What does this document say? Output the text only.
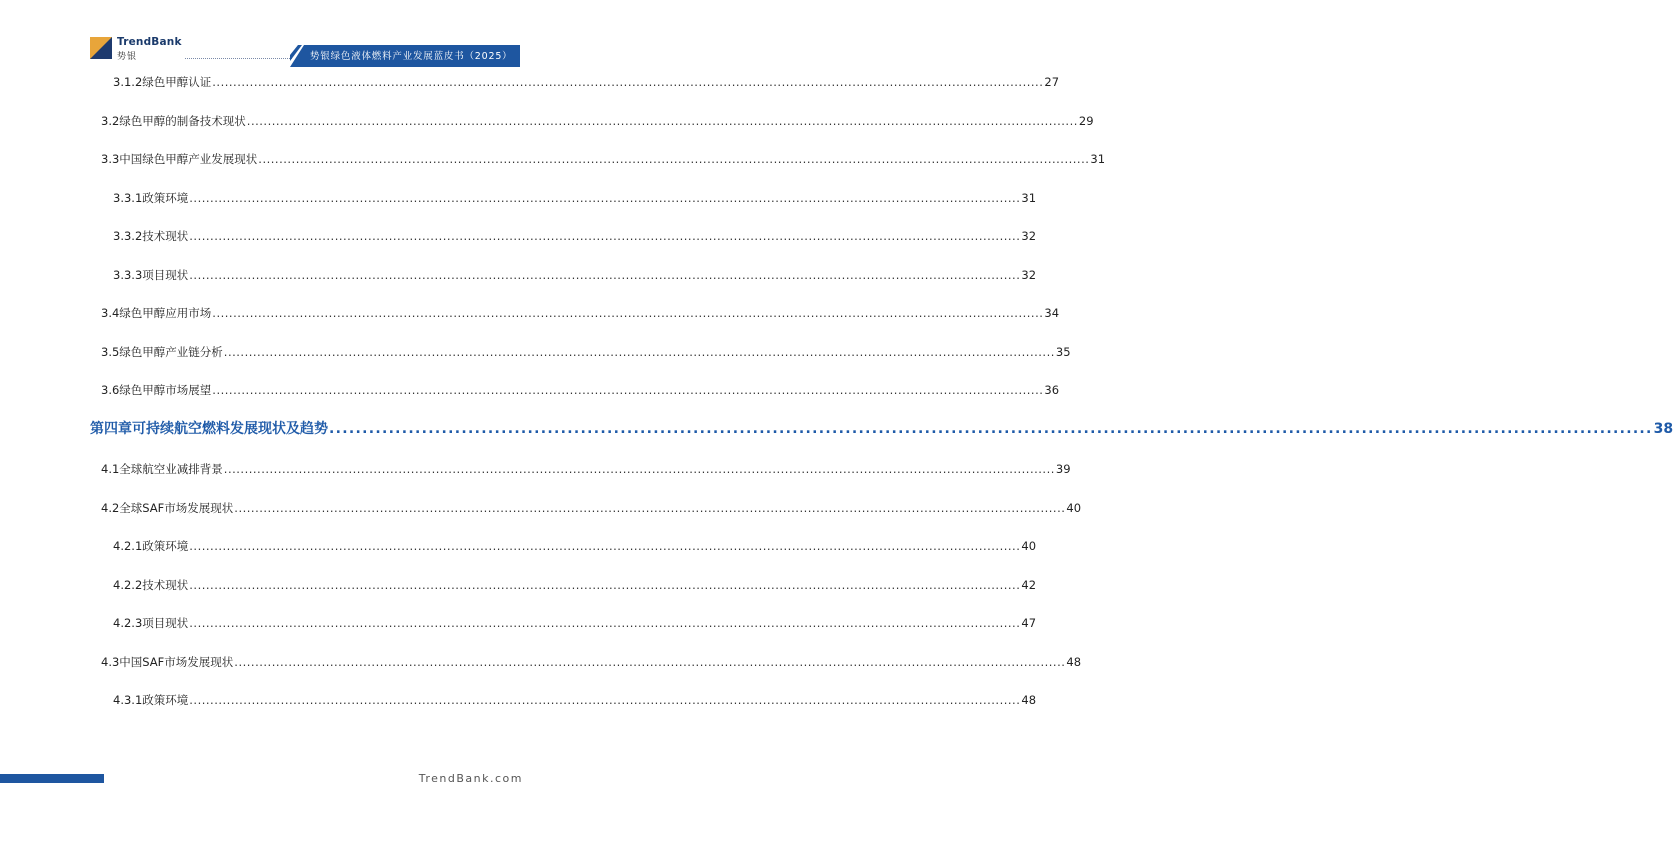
TrendBank
势银	势银绿色液体燃料产业发展蓝皮书（2025）
3.1.2 绿色甲醇认证 ........................................................................................................................................................................................................ 27
3.2 绿色甲醇的制备技术现状 ........................................................................................................................................................................................................ 29
3.3 中国绿色甲醇产业发展现状 ........................................................................................................................................................................................................ 31
3.3.1 政策环境 ........................................................................................................................................................................................................ 31
3.3.2 技术现状 ........................................................................................................................................................................................................ 32
3.3.3 项目现状 ........................................................................................................................................................................................................ 32
3.4 绿色甲醇应用市场 ........................................................................................................................................................................................................ 34
3.5 绿色甲醇产业链分析 ........................................................................................................................................................................................................ 35
3.6 绿色甲醇市场展望 ........................................................................................................................................................................................................ 36
第四章 可持续航空燃料发展现状及趋势 ........................................................................................................................................................................................................ 38
4.1 全球航空业减排背景 ........................................................................................................................................................................................................ 39
4.2 全球SAF市场发展现状 ........................................................................................................................................................................................................ 40
4.2.1 政策环境 ........................................................................................................................................................................................................ 40
4.2.2 技术现状 ........................................................................................................................................................................................................ 42
4.2.3 项目现状 ........................................................................................................................................................................................................ 47
4.3 中国SAF市场发展现状 ........................................................................................................................................................................................................ 48
4.3.1 政策环境 ........................................................................................................................................................................................................ 48
TrendBank.com
